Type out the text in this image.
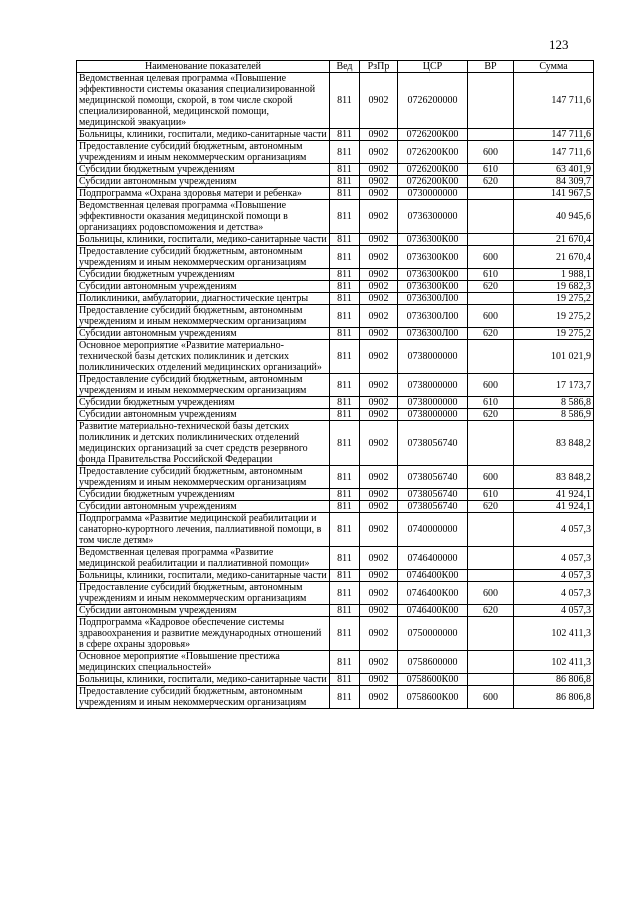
123
Наименование показателей	Вед	РзПр	ЦСР	ВР	Сумма
Ведомственная целевая программа «Повышение эффективности системы оказания специализированной медицинской помощи, скорой, в том числе скорой специализированной, медицинской помощи, медицинской эвакуации»	811	0902	0726200000		147 711,6
Больницы, клиники, госпитали, медико-санитарные части	811	0902	0726200К00		147 711,6
Предоставление субсидий бюджетным, автономным учреждениям и иным некоммерческим организациям	811	0902	0726200К00	600	147 711,6
Субсидии бюджетным учреждениям	811	0902	0726200К00	610	63 401,9
Субсидии автономным учреждениям	811	0902	0726200К00	620	84 309,7
Подпрограмма «Охрана здоровья матери и ребенка»	811	0902	0730000000		141 967,5
Ведомственная целевая программа «Повышение эффективности оказания медицинской помощи в организациях родовспоможения и детства»	811	0902	0736300000		40 945,6
Больницы, клиники, госпитали, медико-санитарные части	811	0902	0736300К00		21 670,4
Предоставление субсидий бюджетным, автономным учреждениям и иным некоммерческим организациям	811	0902	0736300К00	600	21 670,4
Субсидии бюджетным учреждениям	811	0902	0736300К00	610	1 988,1
Субсидии автономным учреждениям	811	0902	0736300К00	620	19 682,3
Поликлиники, амбулатории, диагностические центры	811	0902	0736300Л00		19 275,2
Предоставление субсидий бюджетным, автономным учреждениям и иным некоммерческим организациям	811	0902	0736300Л00	600	19 275,2
Субсидии автономным учреждениям	811	0902	0736300Л00	620	19 275,2
Основное мероприятие «Развитие материально-технической базы детских поликлиник и детских поликлинических отделений медицинских организаций»	811	0902	0738000000		101 021,9
Предоставление субсидий бюджетным, автономным учреждениям и иным некоммерческим организациям	811	0902	0738000000	600	17 173,7
Субсидии бюджетным учреждениям	811	0902	0738000000	610	8 586,8
Субсидии автономным учреждениям	811	0902	0738000000	620	8 586,9
Развитие материально-технической базы детских поликлиник и детских поликлинических отделений медицинских организаций за счет средств резервного фонда Правительства Российской Федерации	811	0902	0738056740		83 848,2
Предоставление субсидий бюджетным, автономным учреждениям и иным некоммерческим организациям	811	0902	0738056740	600	83 848,2
Субсидии бюджетным учреждениям	811	0902	0738056740	610	41 924,1
Субсидии автономным учреждениям	811	0902	0738056740	620	41 924,1
Подпрограмма «Развитие медицинской реабилитации и санаторно-курортного лечения, паллиативной помощи, в том числе детям»	811	0902	0740000000		4 057,3
Ведомственная целевая программа «Развитие медицинской реабилитации и паллиативной помощи»	811	0902	0746400000		4 057,3
Больницы, клиники, госпитали, медико-санитарные части	811	0902	0746400К00		4 057,3
Предоставление субсидий бюджетным, автономным учреждениям и иным некоммерческим организациям	811	0902	0746400К00	600	4 057,3
Субсидии автономным учреждениям	811	0902	0746400К00	620	4 057,3
Подпрограмма «Кадровое обеспечение системы здравоохранения и развитие международных отношений в сфере охраны здоровья»	811	0902	0750000000		102 411,3
Основное мероприятие «Повышение престижа медицинских специальностей»	811	0902	0758600000		102 411,3
Больницы, клиники, госпитали, медико-санитарные части	811	0902	0758600К00		86 806,8
Предоставление субсидий бюджетным, автономным учреждениям и иным некоммерческим организациям	811	0902	0758600К00	600	86 806,8
